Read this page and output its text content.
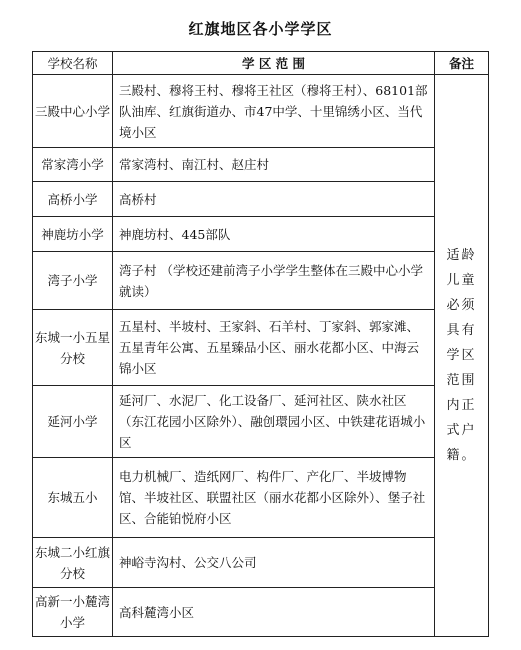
红旗地区各小学学区
学校名称	学 区 范 围	备注
三殿中心小学	三殿村、穆将王村、穆将王社区（穆将王村）、68101部队油库、红旗街道办、市47中学、十里锦绣小区、当代境小区	适龄儿童必须具有学区范围内正式户籍。
常家湾小学	常家湾村、南江村、赵庄村	
高桥小学	高桥村	
神鹿坊小学	神鹿坊村、445部队	
湾子小学	湾子村 （学校还建前湾子小学学生整体在三殿中心小学就读）	
东城一小五星分校	五星村、半坡村、王家斜、石羊村、丁家斜、郭家滩、五星青年公寓、五星臻品小区、丽水花都小区、中海云锦小区	
延河小学	延河厂、水泥厂、化工设备厂、延河社区、陕水社区（东江花园小区除外）、融创環园小区、中铁建花语城小区	
东城五小	电力机械厂、造纸网厂、构件厂、产化厂、半坡博物馆、半坡社区、联盟社区（丽水花都小区除外）、堡子社区、合能铂悦府小区	
东城二小红旗分校	神峪寺沟村、公交八公司	
高新一小麓湾小学	高科麓湾小区	
